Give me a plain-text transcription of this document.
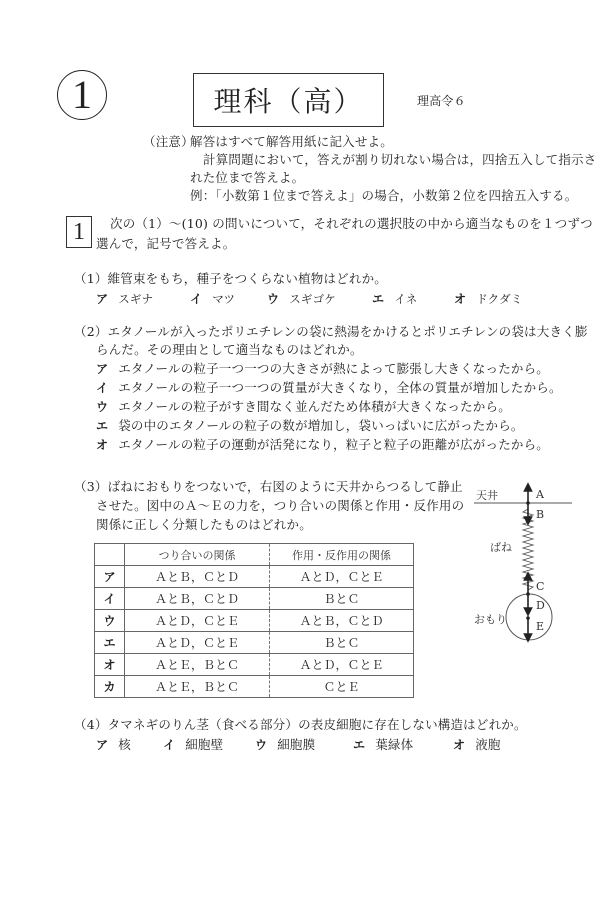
1	理科（高）	理高令６
（注意）
解答はすべて解答用紙に記入せよ。
計算問題において，答えが割り切れない場合は，四捨五入して指示さ
れた位まで答えよ。
例：「小数第１位まで答えよ」の場合，小数第２位を四捨五入する。
1 次の（1）～(10) の問いについて，それぞれの選択肢の中から適当なものを１つずつ
選んで，記号で答えよ。
（1）維管束をもち，種子をつくらない植物はどれか。
ア スギナ	イ マツ	ウ スギゴケ	エ イネ	オ ドクダミ
（2）エタノールが入ったポリエチレンの袋に熱湯をかけるとポリエチレンの袋は大きく膨
らんだ。その理由として適当なものはどれか。
ア エタノールの粒子一つ一つの大きさが熱によって膨張し大きくなったから。
イ エタノールの粒子一つ一つの質量が大きくなり，全体の質量が増加したから。
ウ エタノールの粒子がすき間なく並んだため体積が大きくなったから。
エ 袋の中のエタノールの粒子の数が増加し，袋いっぱいに広がったから。
オ エタノールの粒子の運動が活発になり，粒子と粒子の距離が広がったから。
（3）ばねにおもりをつないで，右図のように天井からつるして静止
させた。図中のＡ～Ｅの力を，つり合いの関係と作用・反作用の
関係に正しく分類したものはどれか。
	つり合いの関係	作用・反作用の関係
ア	ＡとＢ，ＣとＤ	ＡとＤ，ＣとＥ
イ	ＡとＢ，ＣとＤ	ＢとＣ
ウ	ＡとＤ，ＣとＥ	ＡとＢ，ＣとＤ
エ	ＡとＤ，ＣとＥ	ＢとＣ
オ	ＡとＥ，ＢとＣ	ＡとＤ，ＣとＥ
カ	ＡとＥ，ＢとＣ	ＣとＥ
天井
ばね
おもり
A
B
C
D
E
（4）タマネギのりん茎（食べる部分）の表皮細胞に存在しない構造はどれか。
ア 核	イ 細胞壁	ウ 細胞膜	エ 葉緑体	オ 液胞
